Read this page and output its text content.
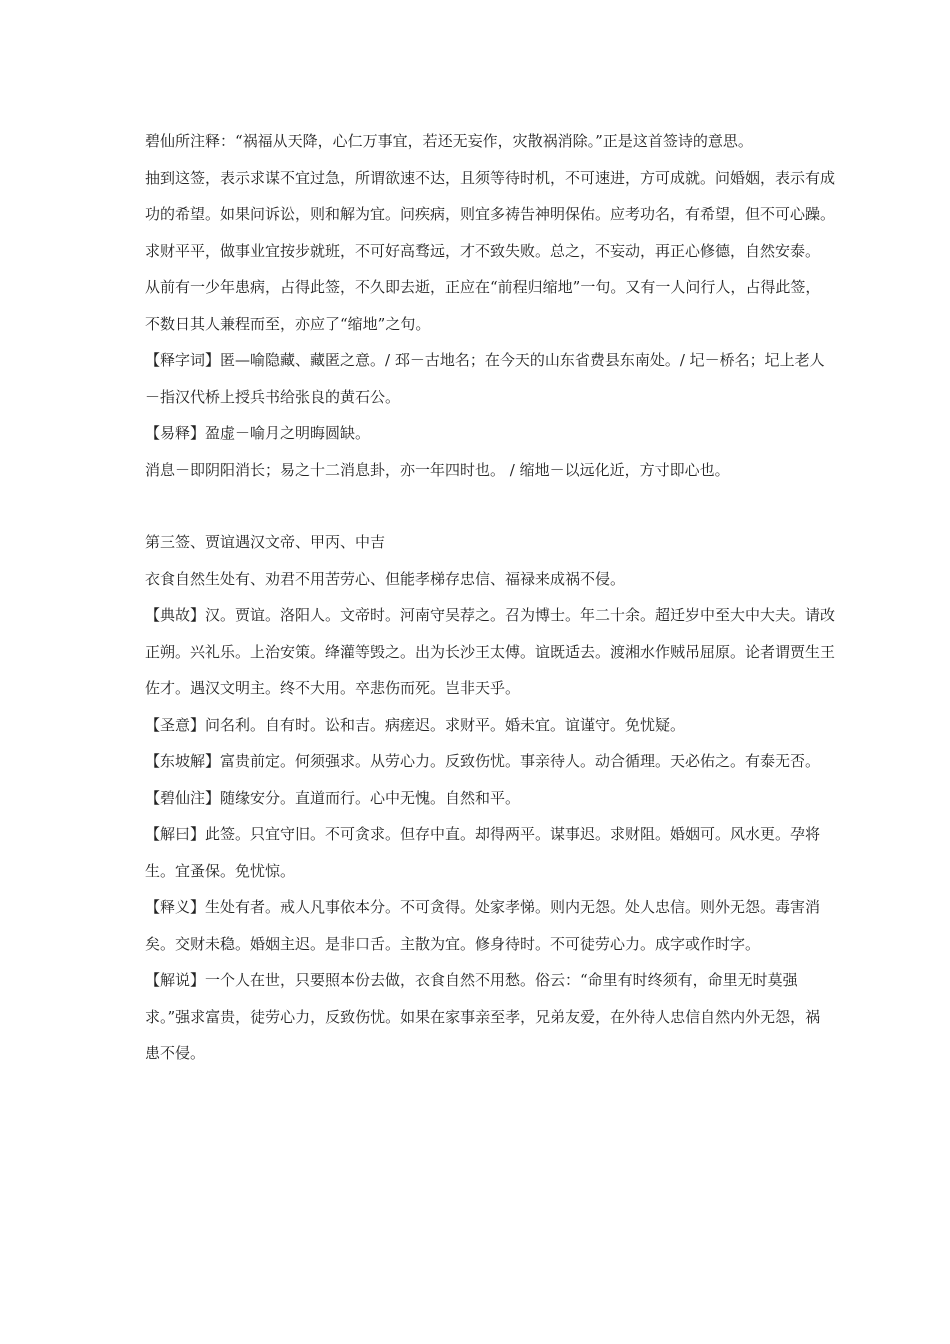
碧仙所注释：“祸福从天降，心仁万事宜，若还无妄作，灾散祸消除。”正是这首签诗的意思。

抽到这签，表示求谋不宜过急，所谓欲速不达，且须等待时机，不可速进，方可成就。问婚姻，表示有成功的希望。如果问诉讼，则和解为宜。问疾病，则宜多祷告神明保佑。应考功名，有希望，但不可心躁。求财平平，做事业宜按步就班，不可好高骛远，才不致失败。总之，不妄动，再正心修德，自然安泰。

从前有一少年患病，占得此签，不久即去逝，正应在“前程归缩地”一句。又有一人问行人，占得此签，不数日其人兼程而至，亦应了“缩地”之句。

【释字词】匿—喻隐藏、藏匿之意。/ 邳－古地名；在今天的山东省费县东南处。/ 圮－桥名；圮上老人－指汉代桥上授兵书给张良的黄石公。

【易释】盈虚－喻月之明晦圆缺。

消息－即阴阳消长；易之十二消息卦，亦一年四时也。 / 缩地－以远化近，方寸即心也。

第三签、贾谊遇汉文帝、甲丙、中吉

衣食自然生处有、劝君不用苦劳心、但能孝梯存忠信、福禄来成祸不侵。

【典故】汉。贾谊。洛阳人。文帝时。河南守吴荐之。召为博士。年二十余。超迁岁中至大中大夫。请改正朔。兴礼乐。上治安策。绛灌等毁之。出为长沙王太傅。谊既适去。渡湘水作贼吊屈原。论者谓贾生王佐才。遇汉文明主。终不大用。卒悲伤而死。岂非天乎。

【圣意】问名利。自有时。讼和吉。病瘥迟。求财平。婚未宜。谊谨守。免忧疑。

【东坡解】富贵前定。何须强求。从劳心力。反致伤忧。事亲待人。动合循理。天必佑之。有泰无否。

【碧仙注】随缘安分。直道而行。心中无愧。自然和平。

【解曰】此签。只宜守旧。不可贪求。但存中直。却得两平。谋事迟。求财阻。婚姻可。风水更。孕将生。宜蚤保。免忧惊。

【释义】生处有者。戒人凡事依本分。不可贪得。处家孝悌。则内无怨。处人忠信。则外无怨。毒害消矣。交财未稳。婚姻主迟。是非口舌。主散为宜。修身待时。不可徒劳心力。成字或作时字。

【解说】一个人在世，只要照本份去做，衣食自然不用愁。俗云：“命里有时终须有，命里无时莫强求。”强求富贵，徒劳心力，反致伤忧。如果在家事亲至孝，兄弟友爱，在外待人忠信自然内外无怨，祸患不侵。
